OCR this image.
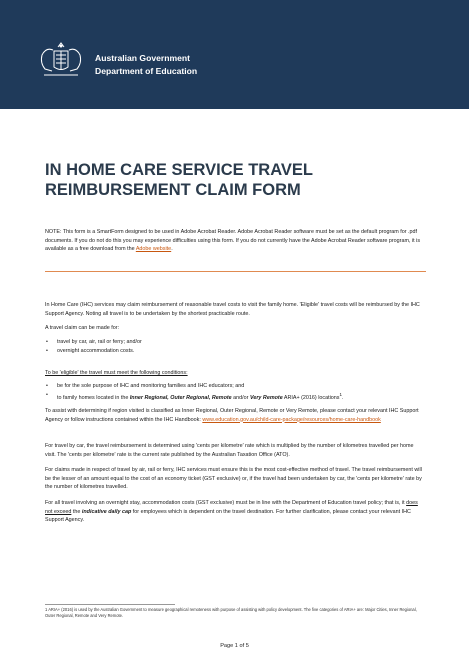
Australian Government
Department of Education
IN HOME CARE SERVICE TRAVEL
REIMBURSEMENT CLAIM FORM

NOTE: This form is a SmartForm designed to be used in Adobe Acrobat Reader. Adobe Acrobat Reader software must be set as the default program for .pdf documents. If you do not do this you may experience difficulties using this form. If you do not currently have the Adobe Acrobat Reader software program, it is available as a free download from the Adobe website.

In Home Care (IHC) services may claim reimbursement of reasonable travel costs to visit the family home. 'Eligible' travel costs will be reimbursed by the IHC Support Agency. Noting all travel is to be undertaken by the shortest practicable route.

A travel claim can be made for:

• travel by car, air, rail or ferry; and/or
• overnight accommodation costs.

To be 'eligible' the travel must meet the following conditions:

• be for the sole purpose of IHC and monitoring families and IHC educators; and
• to family homes located in the Inner Regional, Outer Regional, Remote and/or Very Remote ARIA+ (2016) locations$^1$.

To assist with determining if region visited is classified as Inner Regional, Outer Regional, Remote or Very Remote, please contact your relevant IHC Support Agency or follow instructions contained within the IHC Handbook: www.education.gov.au/child-care-package/resources/home-care-handbook

For travel by car, the travel reimbursement is determined using 'cents per kilometre' rate which is multiplied by the number of kilometres travelled per home visit. The 'cents per kilometre' rate is the current rate published by the Australian Taxation Office (ATO).

For claims made in respect of travel by air, rail or ferry, IHC services must ensure this is the most cost-effective method of travel. The travel reimbursement will be the lesser of an amount equal to the cost of an economy ticket (GST exclusive) or, if the travel had been undertaken by car, the 'cents per kilometre' rate by the number of kilometres travelled.

For all travel involving an overnight stay, accommodation costs (GST exclusive) must be in line with the Department of Education travel policy; that is, it does not exceed the indicative daily cap for employees which is dependent on the travel destination. For further clarification, please contact your relevant IHC Support Agency.

1 ARIA+ (2016) is used by the Australian Government to measure geographical remoteness with purpose of assisting with policy development. The five categories of ARIA+ are: Major Cities, Inner Regional, Outer Regional, Remote and Very Remote.

Page 1 of 5
